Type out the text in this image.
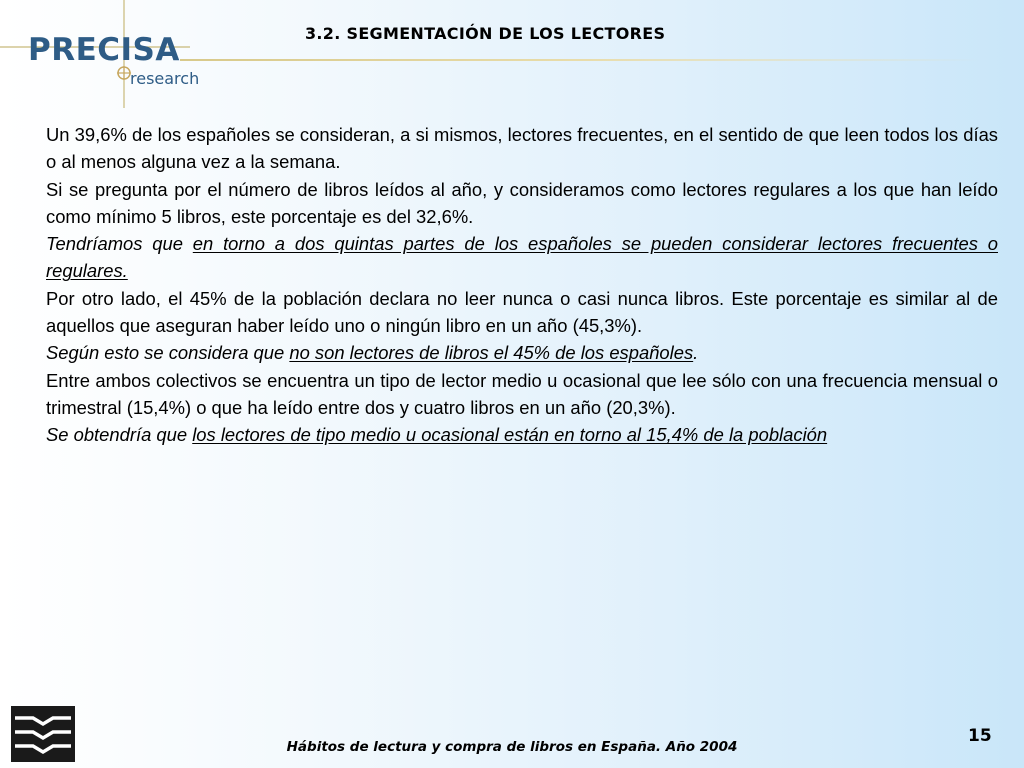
PRECISA
research
3.2. SEGMENTACIÓN DE LOS LECTORES

Un 39,6% de los españoles se consideran, a si mismos, lectores frecuentes, en el sentido de que leen todos los días o al menos alguna vez a la semana.

Si se pregunta por el número de libros leídos al año, y consideramos como lectores regulares a los que han leído como mínimo 5 libros, este porcentaje es del 32,6%.

Tendríamos que en torno a dos quintas partes de los españoles se pueden considerar lectores frecuentes o regulares.

Por otro lado, el 45% de la población declara no leer nunca o casi nunca libros. Este porcentaje es similar al de aquellos que aseguran haber leído uno o ningún libro en un año (45,3%).

Según esto se considera que no son lectores de libros el 45% de los españoles.

Entre ambos colectivos se encuentra un tipo de lector medio u ocasional que lee sólo con una frecuencia mensual o trimestral (15,4%) o que ha leído entre dos y cuatro libros en un año (20,3%).

Se obtendría que los lectores de tipo medio u ocasional están en torno al 15,4% de la población

Hábitos de lectura y compra de libros en España. Año 2004
15
